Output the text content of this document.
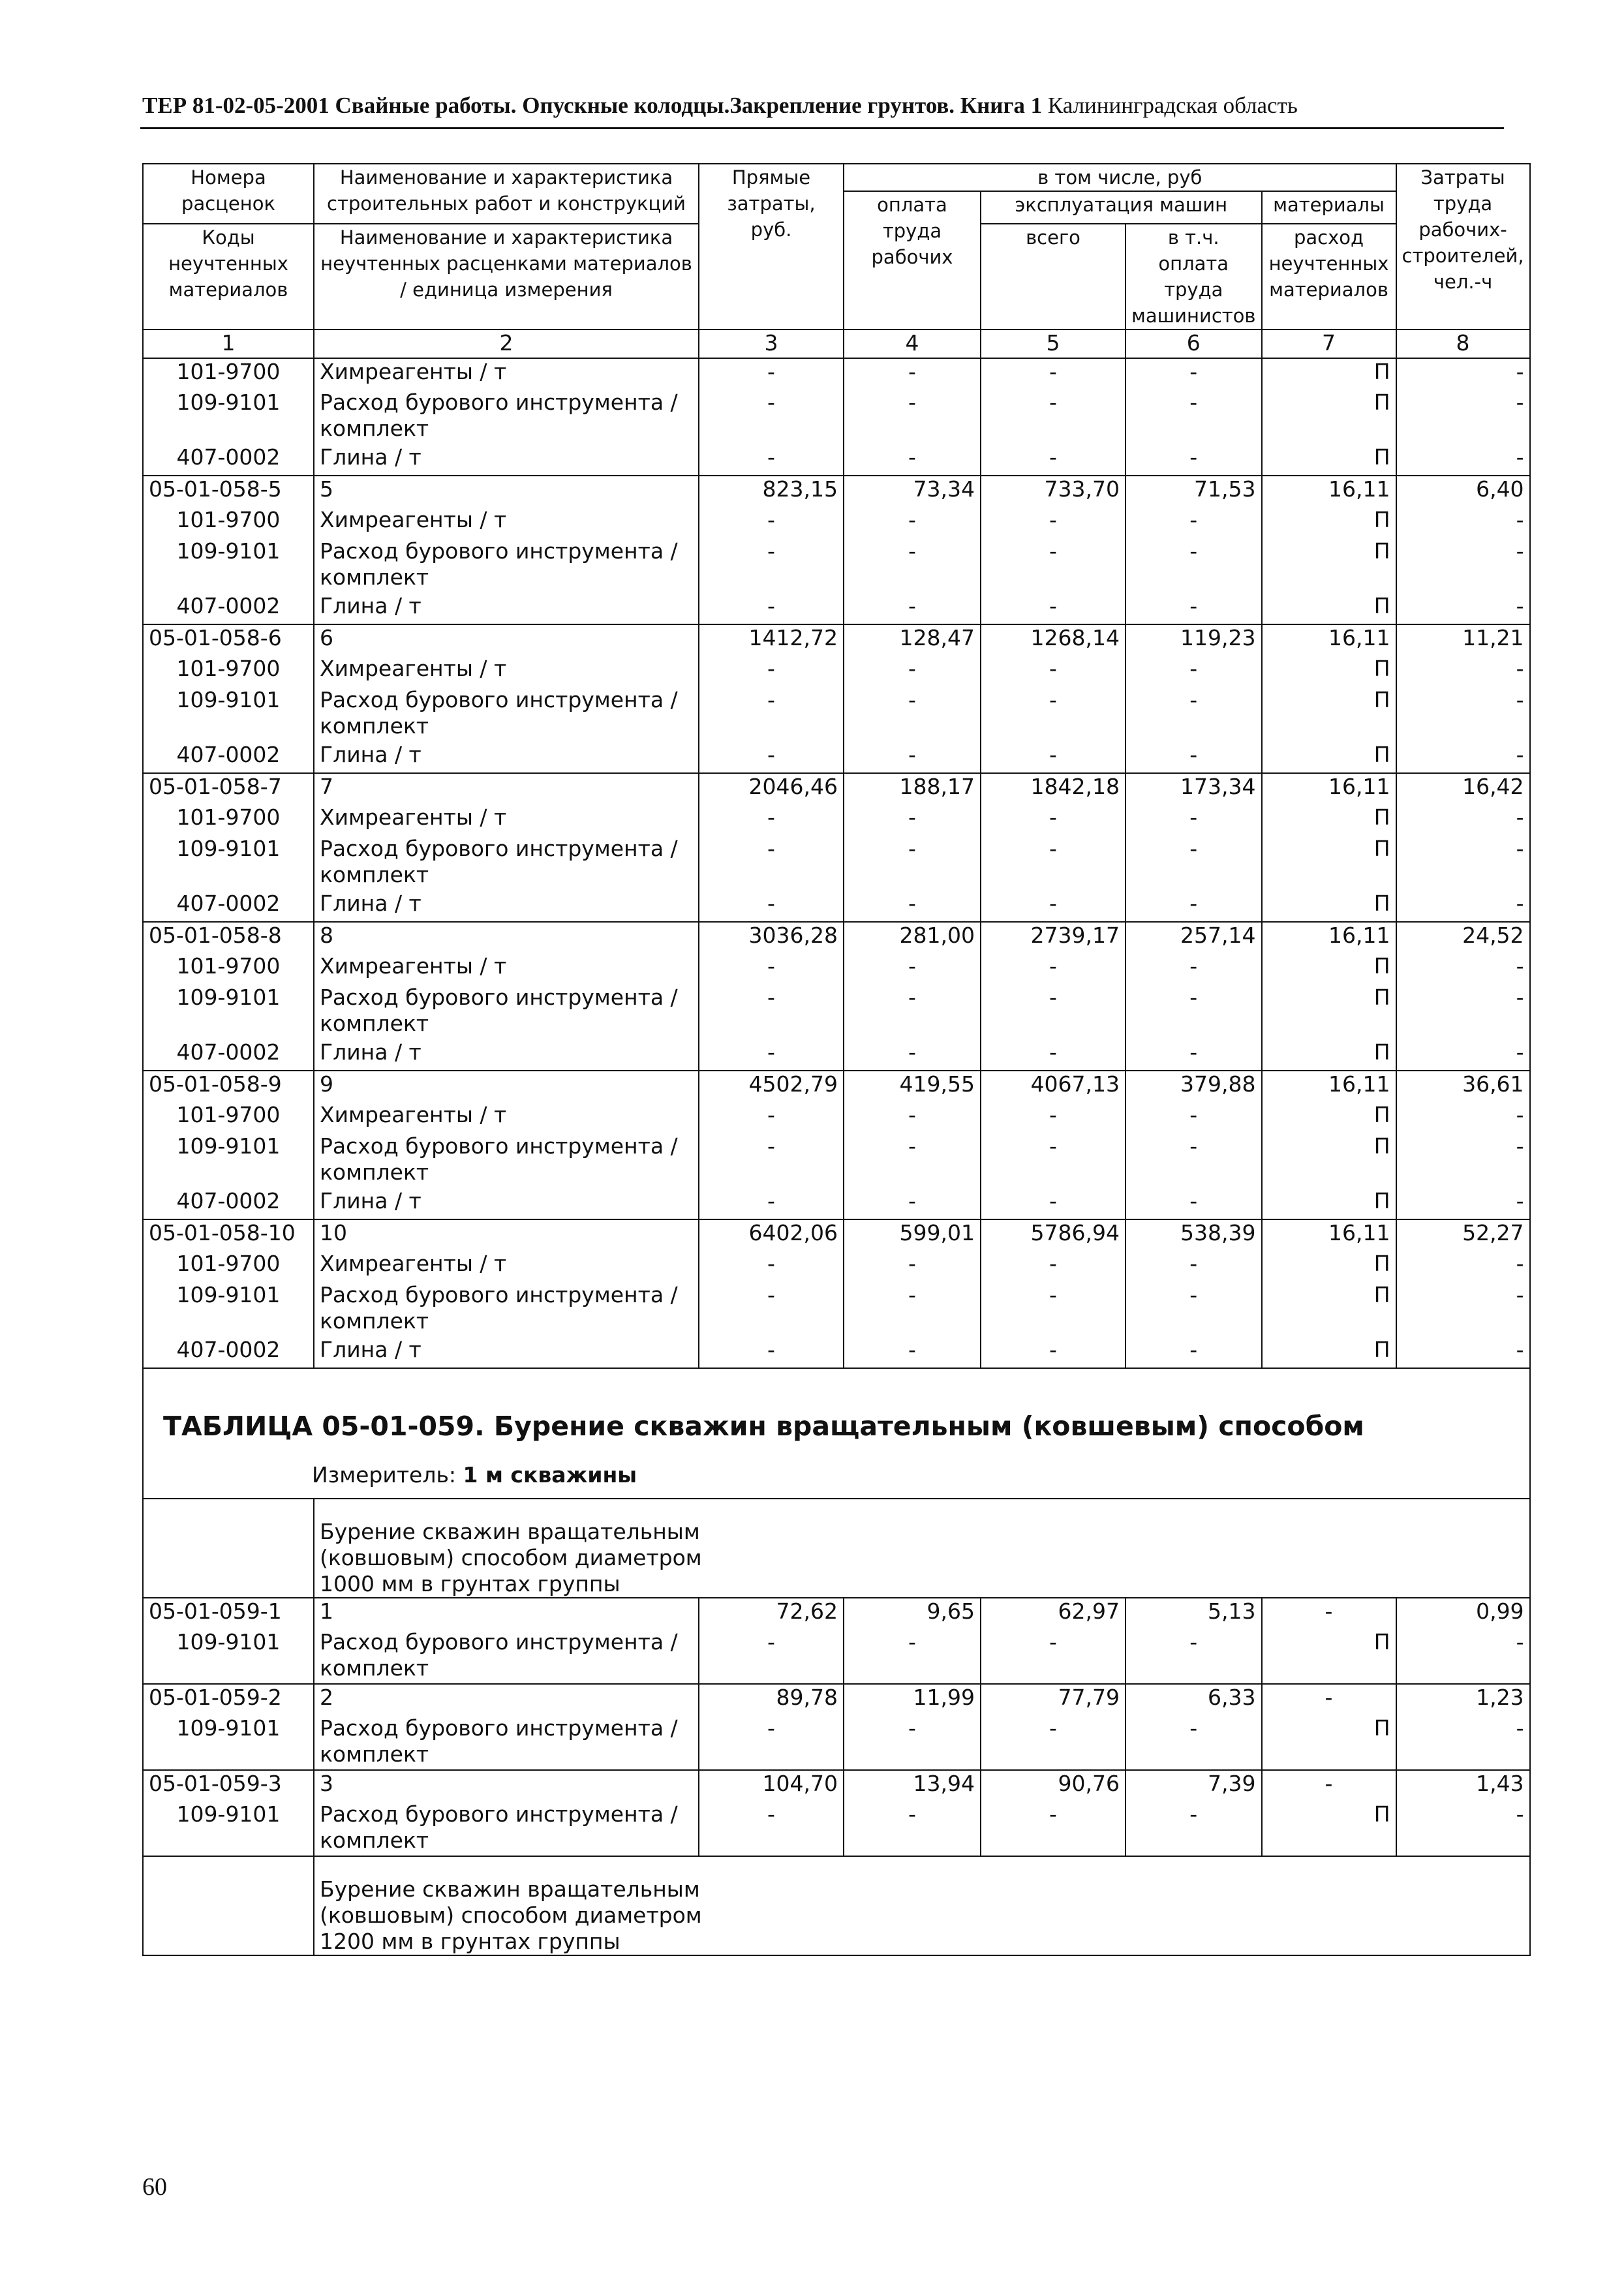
ТЕР 81-02-05-2001 Свайные работы. Опускные колодцы.Закрепление грунтов. Книга 1 Калининградская область
Номера расценок	Наименование и характеристика строительных работ и конструкций	Прямые затраты, руб.	в том числе, руб				Затраты труда рабочих-строителей, чел.-ч
			оплата труда рабочих	эксплуатация машин		материалы	
Коды неучтенных материалов	Наименование и характеристика неучтенных расценками материалов / единица измерения			всего	в т.ч. оплата труда машинистов	расход неучтенных материалов	

1	2	3	4	5	6	7	8
101-9700	Химреагенты / т	-	-	-	-	П	-
109-9101	Расход бурового инструмента / комплект	-	-	-	-	П	-
407-0002	Глина / т	-	-	-	-	П	-
05-01-058-5	5	823,15	73,34	733,70	71,53	16,11	6,40
101-9700	Химреагенты / т	-	-	-	-	П	-
109-9101	Расход бурового инструмента / комплект	-	-	-	-	П	-
407-0002	Глина / т	-	-	-	-	П	-
05-01-058-6	6	1412,72	128,47	1268,14	119,23	16,11	11,21
101-9700	Химреагенты / т	-	-	-	-	П	-
109-9101	Расход бурового инструмента / комплект	-	-	-	-	П	-
407-0002	Глина / т	-	-	-	-	П	-
05-01-058-7	7	2046,46	188,17	1842,18	173,34	16,11	16,42
101-9700	Химреагенты / т	-	-	-	-	П	-
109-9101	Расход бурового инструмента / комплект	-	-	-	-	П	-
407-0002	Глина / т	-	-	-	-	П	-
05-01-058-8	8	3036,28	281,00	2739,17	257,14	16,11	24,52
101-9700	Химреагенты / т	-	-	-	-	П	-
109-9101	Расход бурового инструмента / комплект	-	-	-	-	П	-
407-0002	Глина / т	-	-	-	-	П	-
05-01-058-9	9	4502,79	419,55	4067,13	379,88	16,11	36,61
101-9700	Химреагенты / т	-	-	-	-	П	-
109-9101	Расход бурового инструмента / комплект	-	-	-	-	П	-
407-0002	Глина / т	-	-	-	-	П	-
05-01-058-10	10	6402,06	599,01	5786,94	538,39	16,11	52,27
101-9700	Химреагенты / т	-	-	-	-	П	-
109-9101	Расход бурового инструмента / комплект	-	-	-	-	П	-
407-0002	Глина / т	-	-	-	-	П	-

ТАБЛИЦА 05-01-059. Бурение скважин вращательным (ковшевым) способом
Измеритель: 1 м скважины							

	Бурение скважин вращательным (ковшовым) способом диаметром 1000 мм в грунтах группы						

05-01-059-1	1	72,62	9,65	62,97	5,13	-	0,99
109-9101	Расход бурового инструмента / комплект	-	-	-	-	П	-
05-01-059-2	2	89,78	11,99	77,79	6,33	-	1,23
109-9101	Расход бурового инструмента / комплект	-	-	-	-	П	-
05-01-059-3	3	104,70	13,94	90,76	7,39	-	1,43
109-9101	Расход бурового инструмента / комплект	-	-	-	-	П	-

	Бурение скважин вращательным (ковшовым) способом диаметром 1200 мм в грунтах группы						
60
